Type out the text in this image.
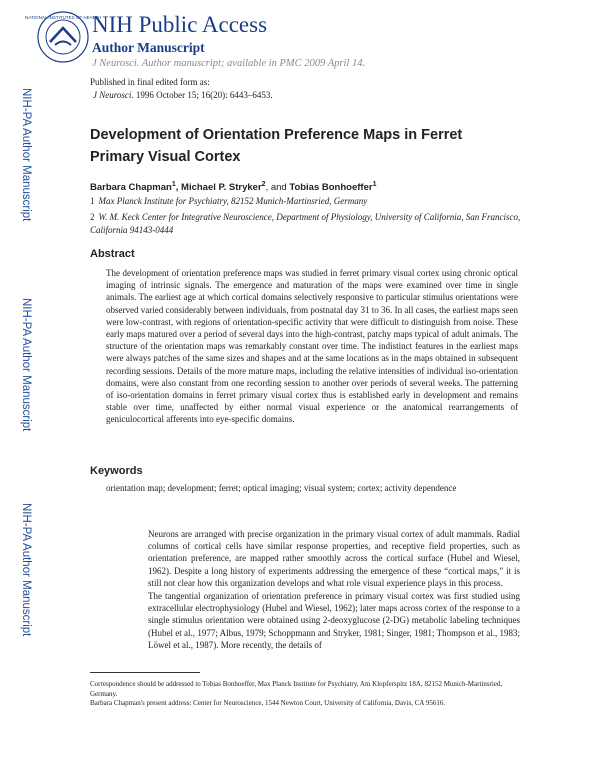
NIH-PA Author Manuscript
NIH-PA Author Manuscript
NIH-PA Author Manuscript
NATIONAL INSTITUTES OF HEALTH
NIH Public Access
Author Manuscript
J Neurosci. Author manuscript; available in PMC 2009 April 14.
Published in final edited form as:
J Neurosci. 1996 October 15; 16(20): 6443–6453.
Development of Orientation Preference Maps in Ferret Primary Visual Cortex
Barbara Chapman$^1$, Michael P. Stryker$^2$, and Tobias Bonhoeffer$^1$
1 Max Planck Institute for Psychiatry, 82152 Munich-Martinsried, Germany
2 W. M. Keck Center for Integrative Neuroscience, Department of Physiology, University of California, San Francisco, California 94143-0444
Abstract

The development of orientation preference maps was studied in ferret primary visual cortex using chronic optical imaging of intrinsic signals. The emergence and maturation of the maps were examined over time in single animals. The earliest age at which cortical domains selectively responsive to particular stimulus orientations were observed varied considerably between individuals, from postnatal day 31 to 36. In all cases, the earliest maps seen were low-contrast, with regions of orientation-specific activity that were difficult to distinguish from noise. These early maps matured over a period of several days into the high-contrast, patchy maps typical of adult animals. The structure of the orientation maps was remarkably constant over time. The indistinct features in the earliest maps were always patches of the same sizes and shapes and at the same locations as in the maps obtained in subsequent recording sessions. Details of the more mature maps, including the relative intensities of individual iso-orientation domains, were also constant from one recording session to another over periods of several weeks. The patterning of iso-orientation domains in ferret primary visual cortex thus is established early in development and remains stable over time, unaffected by either normal visual experience or the anatomical rearrangements of geniculocortical afferents into eye-specific domains.

Keywords
orientation map; development; ferret; optical imaging; visual system; cortex; activity dependence

Neurons are arranged with precise organization in the primary visual cortex of adult mammals. Radial columns of cortical cells have similar response properties, and receptive field properties, such as orientation preference, are mapped rather smoothly across the cortical surface (Hubel and Wiesel, 1962). Despite a long history of experiments addressing the emergence of these “cortical maps,” it is still not clear how this organization develops and what role visual experience plays in this process.

The tangential organization of orientation preference in primary visual cortex was first studied using extracellular electrophysiology (Hubel and Wiesel, 1962); later maps across cortex of the response to a single stimulus orientation were obtained using 2-deoxyglucose (2-DG) metabolic labeling techniques (Hubel et al., 1977; Albus, 1979; Schoppmann and Stryker, 1981; Singer, 1981; Thompson et al., 1983; Löwel et al., 1987). More recently, the details of

Correspondence should be addressed to Tobias Bonhoeffer, Max Planck Institute for Psychiatry, Am Klopferspitz 18A, 82152 Munich-Martinsried, Germany.
Barbara Chapman's present address: Center for Neuroscience, 1544 Newton Court, University of California, Davis, CA 95616.
